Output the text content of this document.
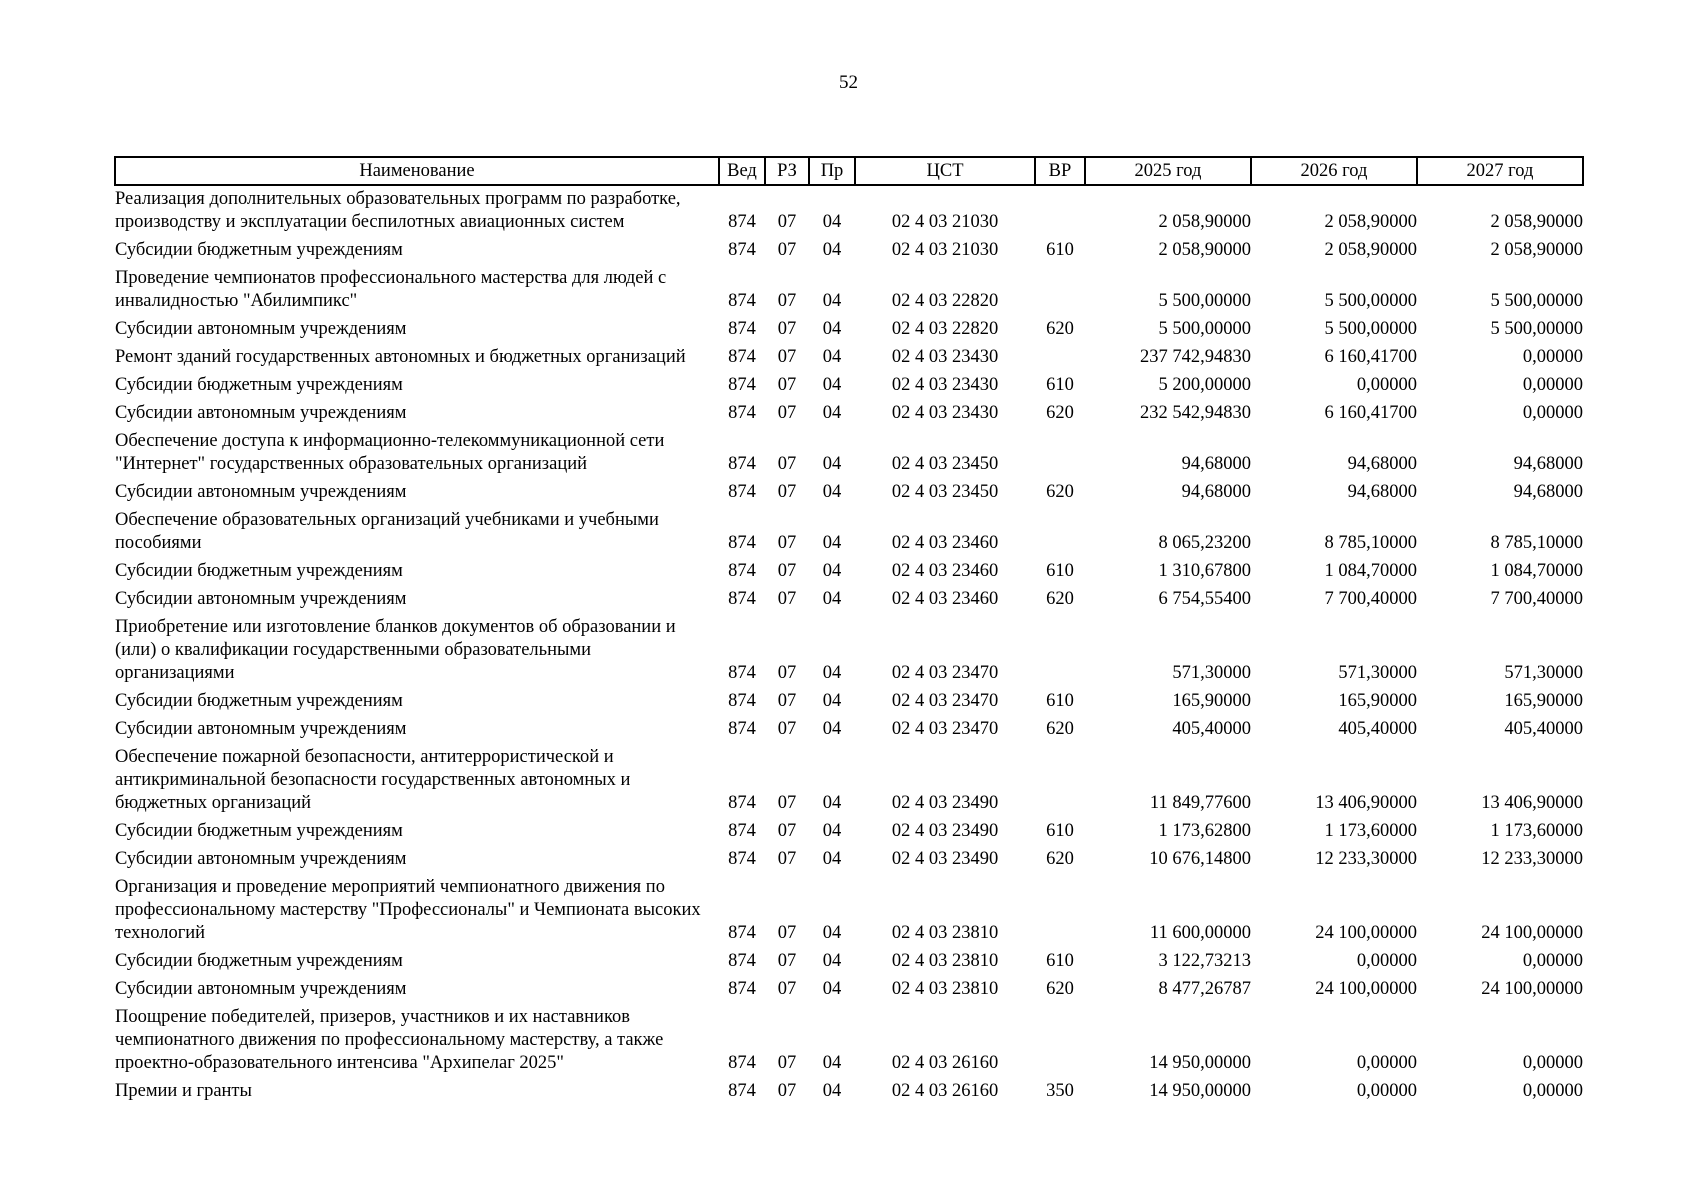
52
Наименование	Вед	РЗ	Пр	ЦСТ	ВР	2025 год	2026 год	2027 год
Реализация дополнительных образовательных программ по разработке, производству и эксплуатации беспилотных авиационных систем	874	07	04	02 4 03 21030		2 058,90000	2 058,90000	2 058,90000
Субсидии бюджетным учреждениям	874	07	04	02 4 03 21030	610	2 058,90000	2 058,90000	2 058,90000
Проведение чемпионатов профессионального мастерства для людей с инвалидностью "Абилимпикс"	874	07	04	02 4 03 22820		5 500,00000	5 500,00000	5 500,00000
Субсидии автономным учреждениям	874	07	04	02 4 03 22820	620	5 500,00000	5 500,00000	5 500,00000
Ремонт зданий государственных автономных и бюджетных организаций	874	07	04	02 4 03 23430		237 742,94830	6 160,41700	0,00000
Субсидии бюджетным учреждениям	874	07	04	02 4 03 23430	610	5 200,00000	0,00000	0,00000
Субсидии автономным учреждениям	874	07	04	02 4 03 23430	620	232 542,94830	6 160,41700	0,00000
Обеспечение доступа к информационно-телекоммуникационной сети "Интернет" государственных образовательных организаций	874	07	04	02 4 03 23450		94,68000	94,68000	94,68000
Субсидии автономным учреждениям	874	07	04	02 4 03 23450	620	94,68000	94,68000	94,68000
Обеспечение образовательных организаций учебниками и учебными пособиями	874	07	04	02 4 03 23460		8 065,23200	8 785,10000	8 785,10000
Субсидии бюджетным учреждениям	874	07	04	02 4 03 23460	610	1 310,67800	1 084,70000	1 084,70000
Субсидии автономным учреждениям	874	07	04	02 4 03 23460	620	6 754,55400	7 700,40000	7 700,40000
Приобретение или изготовление бланков документов об образовании и (или) о квалификации государственными образовательными организациями	874	07	04	02 4 03 23470		571,30000	571,30000	571,30000
Субсидии бюджетным учреждениям	874	07	04	02 4 03 23470	610	165,90000	165,90000	165,90000
Субсидии автономным учреждениям	874	07	04	02 4 03 23470	620	405,40000	405,40000	405,40000
Обеспечение пожарной безопасности, антитеррористической и антикриминальной безопасности государственных автономных и бюджетных организаций	874	07	04	02 4 03 23490		11 849,77600	13 406,90000	13 406,90000
Субсидии бюджетным учреждениям	874	07	04	02 4 03 23490	610	1 173,62800	1 173,60000	1 173,60000
Субсидии автономным учреждениям	874	07	04	02 4 03 23490	620	10 676,14800	12 233,30000	12 233,30000
Организация и проведение мероприятий чемпионатного движения по профессиональному мастерству "Профессионалы" и Чемпионата высоких технологий	874	07	04	02 4 03 23810		11 600,00000	24 100,00000	24 100,00000
Субсидии бюджетным учреждениям	874	07	04	02 4 03 23810	610	3 122,73213	0,00000	0,00000
Субсидии автономным учреждениям	874	07	04	02 4 03 23810	620	8 477,26787	24 100,00000	24 100,00000
Поощрение победителей, призеров, участников и их наставников чемпионатного движения по профессиональному мастерству, а также проектно-образовательного интенсива "Архипелаг 2025"	874	07	04	02 4 03 26160		14 950,00000	0,00000	0,00000
Премии и гранты	874	07	04	02 4 03 26160	350	14 950,00000	0,00000	0,00000
